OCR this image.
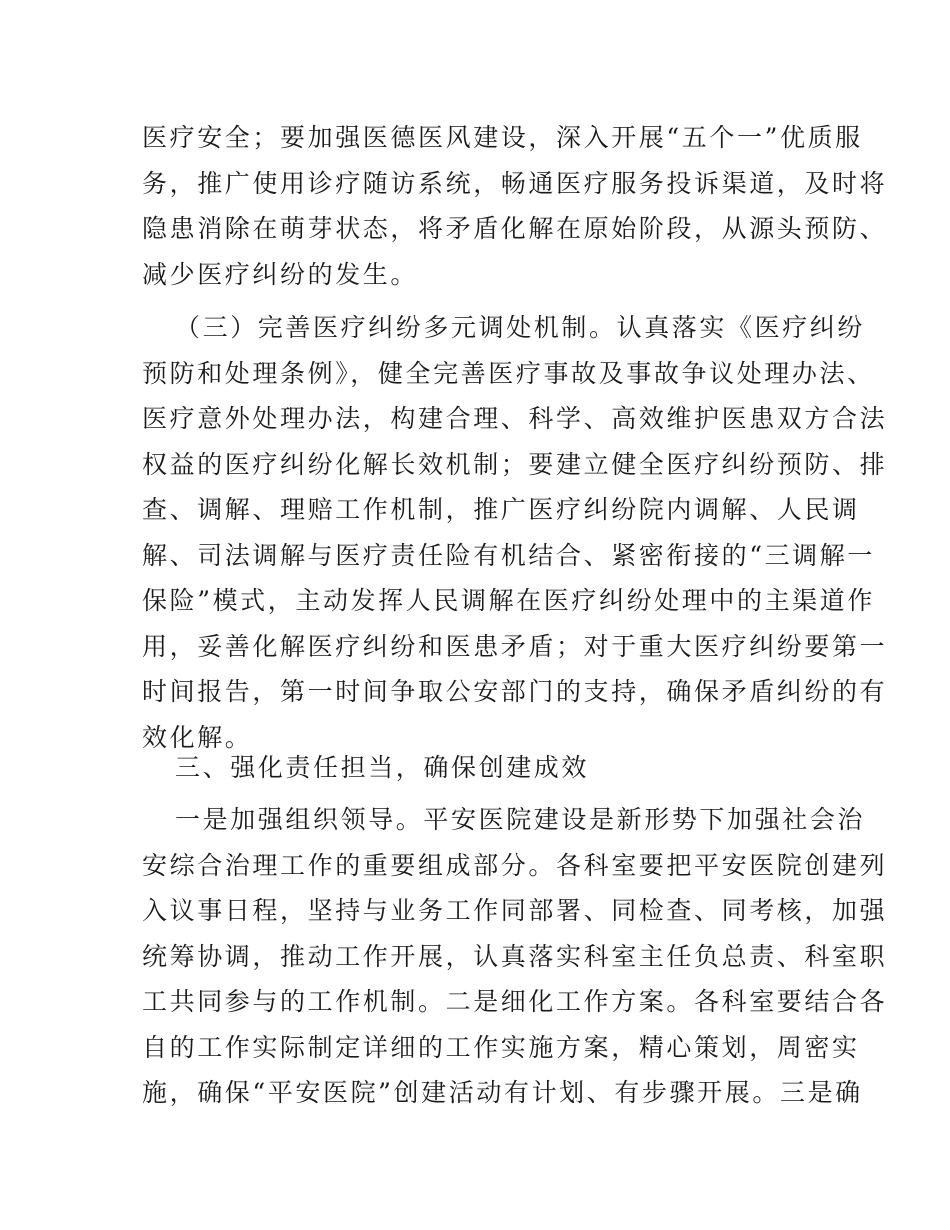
医疗安全；要加强医德医风建设，深入开展“五个一”优质服
务，推广使用诊疗随访系统，畅通医疗服务投诉渠道，及时将
隐患消除在萌芽状态，将矛盾化解在原始阶段，从源头预防、
减少医疗纠纷的发生。
（三）完善医疗纠纷多元调处机制。认真落实《医疗纠纷
预防和处理条例》，健全完善医疗事故及事故争议处理办法、
医疗意外处理办法，构建合理、科学、高效维护医患双方合法
权益的医疗纠纷化解长效机制；要建立健全医疗纠纷预防、排
查、调解、理赔工作机制，推广医疗纠纷院内调解、人民调
解、司法调解与医疗责任险有机结合、紧密衔接的“三调解一
保险”模式，主动发挥人民调解在医疗纠纷处理中的主渠道作
用，妥善化解医疗纠纷和医患矛盾；对于重大医疗纠纷要第一
时间报告，第一时间争取公安部门的支持，确保矛盾纠纷的有
效化解。
三、强化责任担当，确保创建成效
一是加强组织领导。平安医院建设是新形势下加强社会治
安综合治理工作的重要组成部分。各科室要把平安医院创建列
入议事日程，坚持与业务工作同部署、同检查、同考核，加强
统筹协调，推动工作开展，认真落实科室主任负总责、科室职
工共同参与的工作机制。二是细化工作方案。各科室要结合各
自的工作实际制定详细的工作实施方案，精心策划，周密实
施，确保“平安医院”创建活动有计划、有步骤开展。三是确
